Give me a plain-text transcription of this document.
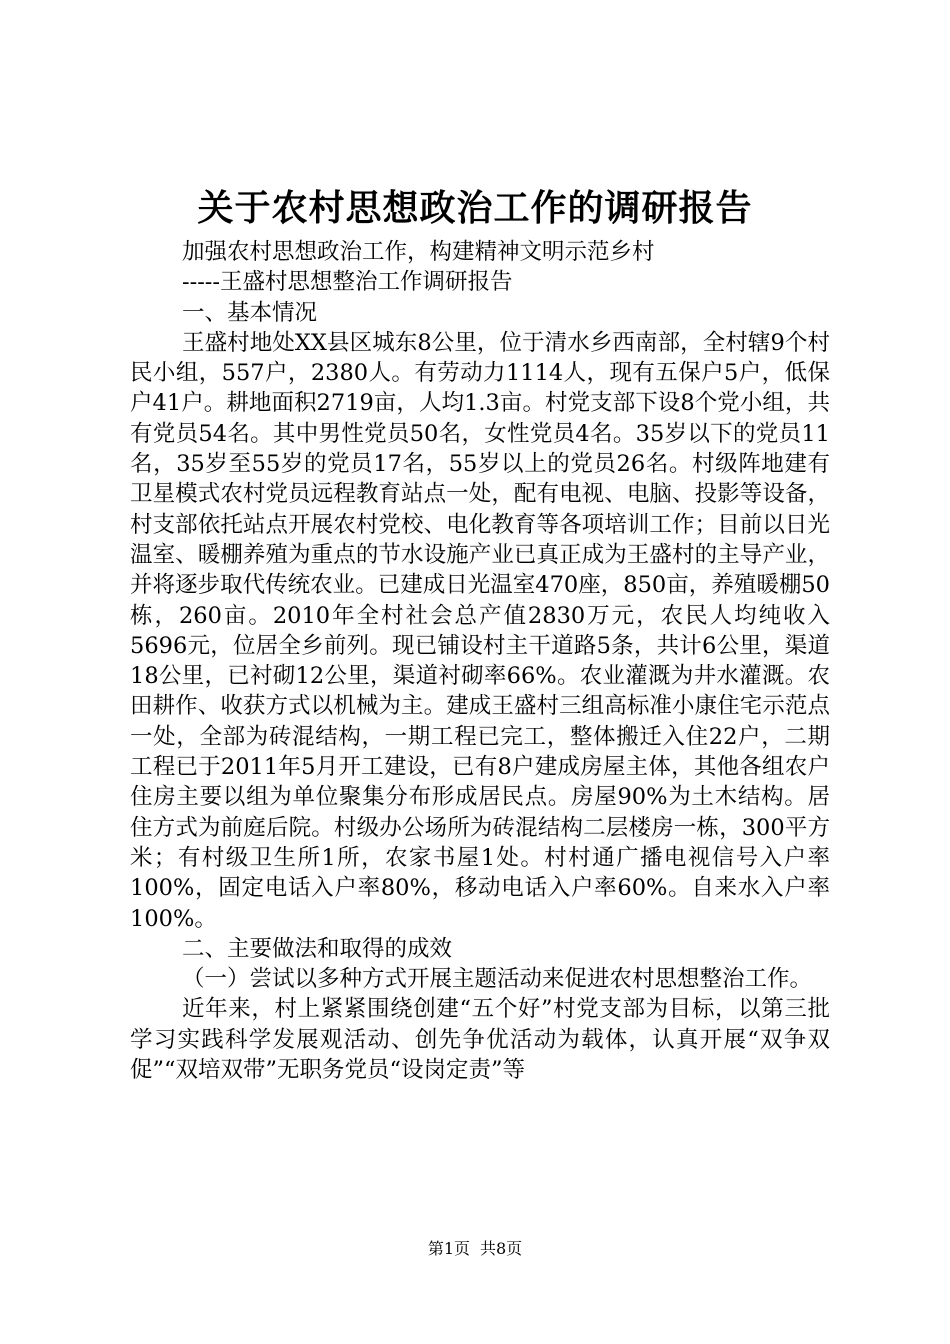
关于农村思想政治工作的调研报告

加强农村思想政治工作，构建精神文明示范乡村

-----王盛村思想整治工作调研报告

一、基本情况

王盛村地处XX县区城东8公里，位于清水乡西南部，全村辖9个村民小组，557户，2380人。有劳动力1114人，现有五保户5户，低保户41户。耕地面积2719亩，人均1.3亩。村党支部下设8个党小组，共有党员54名。其中男性党员50名，女性党员4名。35岁以下的党员11名，35岁至55岁的党员17名，55岁以上的党员26名。村级阵地建有卫星模式农村党员远程教育站点一处，配有电视、电脑、投影等设备，村支部依托站点开展农村党校、电化教育等各项培训工作；目前以日光温室、暖棚养殖为重点的节水设施产业已真正成为王盛村的主导产业，并将逐步取代传统农业。已建成日光温室470座，850亩，养殖暖棚50栋，260亩。2010年全村社会总产值2830万元，农民人均纯收入5696元，位居全乡前列。现已铺设村主干道路5条，共计6公里，渠道18公里，已衬砌12公里，渠道衬砌率66%。农业灌溉为井水灌溉。农田耕作、收获方式以机械为主。建成王盛村三组高标准小康住宅示范点一处，全部为砖混结构，一期工程已完工，整体搬迁入住22户，二期工程已于2011年5月开工建设，已有8户建成房屋主体，其他各组农户住房主要以组为单位聚集分布形成居民点。房屋90%为土木结构。居住方式为前庭后院。村级办公场所为砖混结构二层楼房一栋，300平方米；有村级卫生所1所，农家书屋1处。村村通广播电视信号入户率100%，固定电话入户率80%，移动电话入户率60%。自来水入户率100%。

二、主要做法和取得的成效

（一）尝试以多种方式开展主题活动来促进农村思想整治工作。

近年来，村上紧紧围绕创建“五个好”村党支部为目标，以第三批学习实践科学发展观活动、创先争优活动为载体，认真开展“双争双促”“双培双带”无职务党员“设岗定责”等

第1页 共8页
